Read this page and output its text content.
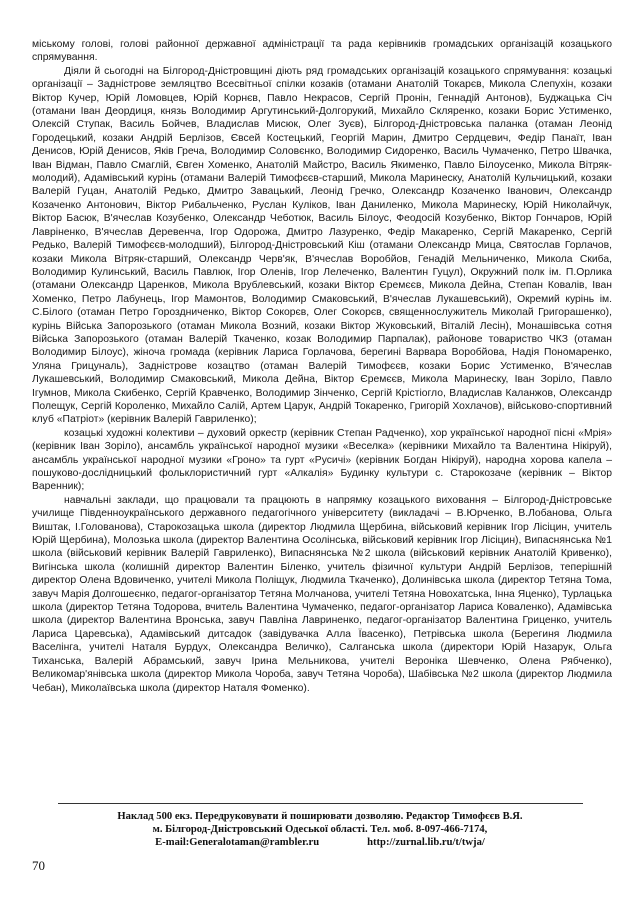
міському голові, голові районної державної адміністрації та рада керівників громадських організацій козацького спрямування.

Діяли й сьогодні на Білгород-Дністровщині діють ряд громадських організацій козацького спрямування: козацькі організації – Задністрове земляцтво Всесвітньої спілки козаків (отамани Анатолій Токарєв, Микола Слепухін, козаки Віктор Кучер, Юрій Ломовцев, Юрій Корнєв, Павло Некрасов, Сергій Пронін, Геннадій Антонов), Буджацька Січ (отамани Іван Деордиця, князь Володимир Аргутинський-Долгорукий, Михайло Скляренко, козаки Борис Устименко, Олексій Ступак, Василь Бойчев, Владислав Мисюк, Олег Зуєв), Білгород-Дністровська паланка (отаман Леонід Городецький, козаки Андрій Берлізов, Євсей Костецький, Георгій Марин, Дмитро Сердцевич, Федір Панаїт, Іван Денисов, Юрій Денисов, Яків Греча, Володимир Соловєнко, Володимир Сидоренко, Василь Чумаченко, Петро Швачка, Іван Відман, Павло Смаглій, Євген Хоменко, Анатолій Майстро, Василь Якименко, Павло Білоусенко, Микола Вітряк-молодий), Адамівський курінь (отамани Валерій Тимофєєв-старший, Микола Маринеску, Анатолій Кульчицький, козаки Валерій Гуцан, Анатолій Редько, Дмитро Завацький, Леонід Гречко, Олександр Козаченко Іванович, Олександр Козаченко Антонович, Віктор Рибальченко, Руслан Куліков, Іван Даниленко, Микола Маринеску, Юрій Николайчук, Віктор Басюк, В'ячеслав Козубенко, Олександр Чеботюк, Василь Білоус, Феодосій Козубенко, Віктор Гончаров, Юрій Лавріненко, В'ячеслав Деревенча, Ігор Одорожа, Дмитро Лазуренко, Федір Макаренко, Сергій Макаренко, Сергій Редько, Валерій Тимофєєв-молодший), Білгород-Дністровський Кіш (отамани Олександр Мица, Святослав Горлачов, козаки Микола Вітряк-старший, Олександр Черв'як, В'ячеслав Воробйов, Генадій Мельниченко, Микола Скиба, Володимир Кулинський, Василь Павлюк, Ігор Оленів, Ігор Лелеченко, Валентин Гуцул), Окружний полк ім. П.Орлика (отамани Олександр Царенков, Микола Врублевський, козаки Віктор Єремєєв, Микола Дейна, Степан Ковалів, Іван Хоменко, Петро Лабунець, Ігор Мамонтов, Володимир Смаковський, В'ячеслав Лукашевський), Окремий курінь ім. С.Білого (отаман Петро Гороздниченко, Віктор Сокорєв, Олег Сокорєв, священнослужитель Миколай Григорашенко), курінь Війська Запорозького (отаман Микола Возний, козаки Віктор Жуковський, Віталій Лесін), Монашівська сотня Війська Запорозького (отаман Валерій Ткаченко, козак Володимир Парпалак), районове товариство ЧКЗ (отаман Володимир Білоус), жіноча громада (керівник Лариса Горлачова, берегині Варвара Воробйова, Надія Пономаренко, Уляна Грицуналь), Задністрове козацтво (отаман Валерій Тимофєєв, козаки Борис Устименко, В'ячеслав Лукашевський, Володимир Смаковський, Микола Дейна, Віктор Єремєєв, Микола Маринеску, Іван Зоріло, Павло Ігумнов, Микола Скибенко, Сергій Кравченко, Володимир Зінченко, Сергій Крістіогло, Владислав Каланжов, Олександр Полещук, Сергій Короленко, Михайло Салій, Артем Царук, Андрій Токаренко, Григорій Хохлачов), військово-спортивний клуб «Патріот» (керівник Валерій Гавриленко);

козацькі художні колективи – духовий оркестр (керівник Степан Радченко), хор української народної пісні «Мрія» (керівник Іван Зоріло), ансамбль української народної музики «Веселка» (керівники Михайло та Валентина Нікіруй), ансамбль української народної музики «Гроно» та гурт «Русичі» (керівник Богдан Нікіруй), народна хорова капела – пошуково-дослідницький фольклористичний гурт «Алкалія» Будинку культури с. Старокозаче (керівник – Віктор Варенник);

навчальні заклади, що працювали та працюють в напрямку козацького виховання – Білгород-Дністровське училище Південноукраїнського державного педагогічного університету (викладачі – В.Юрченко, В.Лобанова, Ольга Виштак, І.Голованова), Старокозацька школа (директор Людмила Щербина, військовий керівник Ігор Лісіцин, учитель Юрій Щербина), Молозька школа (директор Валентина Осолінська, військовий керівник Ігор Лісіцин), Випаснянська №1 школа (військовий керівник Валерій Гавриленко), Випаснянська №2 школа (військовий керівник Анатолій Кривенко), Вигінська школа (колишній директор Валентин Біленко, учитель фізичної культури Андрій Берлізов, теперішній директор Олена Вдовиченко, учителі Микола Поліщук, Людмила Ткаченко), Долинівська школа (директор Тетяна Тома, завуч Марія Долгошеєнко, педагог-організатор Тетяна Молчанова, учителі Тетяна Новохатська, Інна Яценко), Турлацька школа (директор Тетяна Тодорова, вчитель Валентина Чумаченко, педагог-організатор Лариса Коваленко), Адамівська школа (директор Валентина Вронська, завуч Павліна Лавриненко, педагог-організатор Валентина Гриценко, учитель Лариса Царевська), Адамівський дитсадок (завідувачка Алла Ївасенко), Петрівська школа (Берегиня Людмила Васелінга, учителі Наталя Бурдух, Олександра Величко), Салганська школа (директори Юрій Назарук, Ольга Тиханська, Валерій Абрамський, завуч Ірина Мельникова, учителі Вероніка Шевченко, Олена Рябченко), Великомар'янівська школа (директор Микола Чороба, завуч Тетяна Чороба), Шабівська №2 школа (директор Людмила Чебан), Миколаївська школа (директор Наталя Фоменко).

Наклад 500 екз. Передруковувати й поширювати дозволяю. Редактор Тимофєєв В.Я.
м. Білгород-Дністровський Одеської області. Тел. моб. 8-097-466-7174,
E-mail:Generalotaman@rambler.ru	http://zurnal.lib.ru/t/twja/
70
